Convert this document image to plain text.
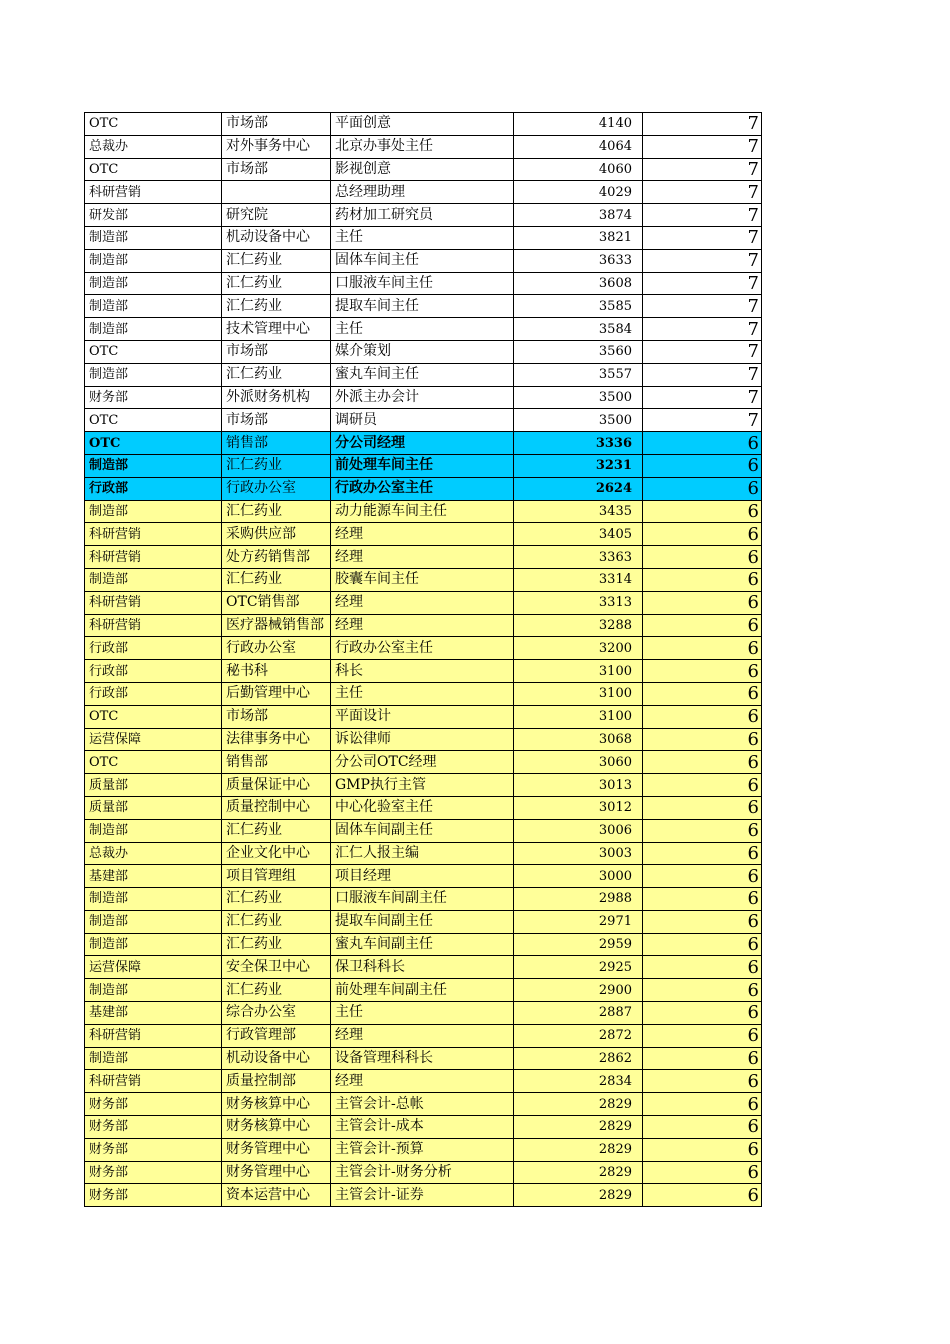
OTC	市场部	平面创意	4140	7
总裁办	对外事务中心	北京办事处主任	4064	7
OTC	市场部	影视创意	4060	7
科研营销		总经理助理	4029	7
研发部	研究院	药材加工研究员	3874	7
制造部	机动设备中心	主任	3821	7
制造部	汇仁药业	固体车间主任	3633	7
制造部	汇仁药业	口服液车间主任	3608	7
制造部	汇仁药业	提取车间主任	3585	7
制造部	技术管理中心	主任	3584	7
OTC	市场部	媒介策划	3560	7
制造部	汇仁药业	蜜丸车间主任	3557	7
财务部	外派财务机构	外派主办会计	3500	7
OTC	市场部	调研员	3500	7
OTC	销售部	分公司经理	3336	6
制造部	汇仁药业	前处理车间主任	3231	6
行政部	行政办公室	行政办公室主任	2624	6
制造部	汇仁药业	动力能源车间主任	3435	6
科研营销	采购供应部	经理	3405	6
科研营销	处方药销售部	经理	3363	6
制造部	汇仁药业	胶囊车间主任	3314	6
科研营销	OTC销售部	经理	3313	6
科研营销	医疗器械销售部	经理	3288	6
行政部	行政办公室	行政办公室主任	3200	6
行政部	秘书科	科长	3100	6
行政部	后勤管理中心	主任	3100	6
OTC	市场部	平面设计	3100	6
运营保障	法律事务中心	诉讼律师	3068	6
OTC	销售部	分公司OTC经理	3060	6
质量部	质量保证中心	GMP执行主管	3013	6
质量部	质量控制中心	中心化验室主任	3012	6
制造部	汇仁药业	固体车间副主任	3006	6
总裁办	企业文化中心	汇仁人报主编	3003	6
基建部	项目管理组	项目经理	3000	6
制造部	汇仁药业	口服液车间副主任	2988	6
制造部	汇仁药业	提取车间副主任	2971	6
制造部	汇仁药业	蜜丸车间副主任	2959	6
运营保障	安全保卫中心	保卫科科长	2925	6
制造部	汇仁药业	前处理车间副主任	2900	6
基建部	综合办公室	主任	2887	6
科研营销	行政管理部	经理	2872	6
制造部	机动设备中心	设备管理科科长	2862	6
科研营销	质量控制部	经理	2834	6
财务部	财务核算中心	主管会计-总帐	2829	6
财务部	财务核算中心	主管会计-成本	2829	6
财务部	财务管理中心	主管会计-预算	2829	6
财务部	财务管理中心	主管会计-财务分析	2829	6
财务部	资本运营中心	主管会计-证券	2829	6
